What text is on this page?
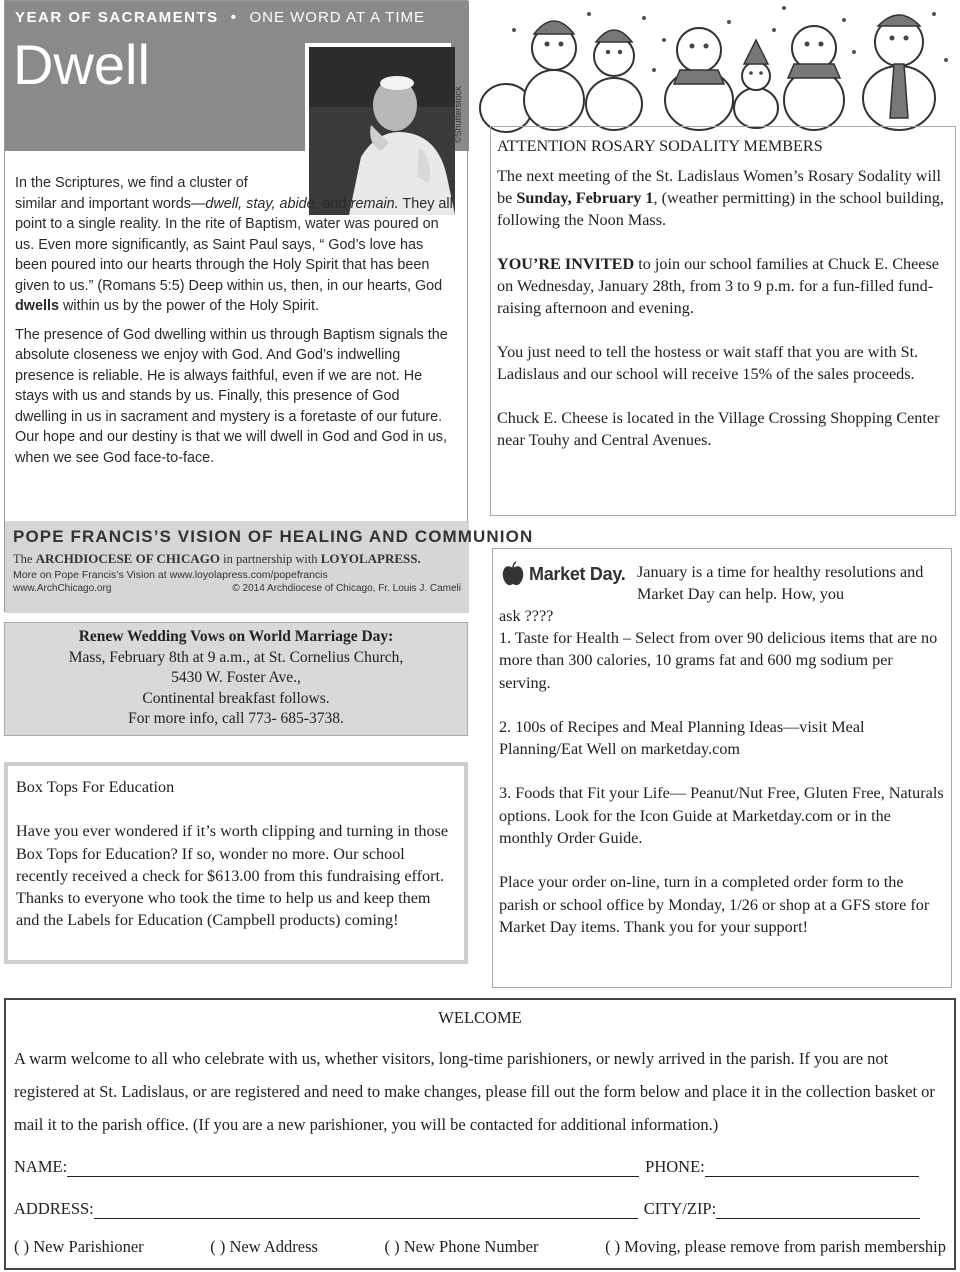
YEAR OF SACRAMENTS • ONE WORD AT A TIME
Dwell
©Shutterstock

In the Scriptures, we find a cluster of
similar and important words—dwell, stay, abide, and remain. They all point to a single reality. In the rite of Baptism, water was poured on us. Even more significantly, as Saint Paul says, “ God’s love has been poured into our hearts through the Holy Spirit that has been given to us.” (Romans 5:5) Deep within us, then, in our hearts, God dwells within us by the power of the Holy Spirit.

The presence of God dwelling within us through Baptism signals the absolute closeness we enjoy with God. And God’s indwelling presence is reliable. He is always faithful, even if we are not. He stays with us and stands by us. Finally, this presence of God dwelling in us in sacrament and mystery is a foretaste of our future. Our hope and our destiny is that we will dwell in God and God in us, when we see God face-to-face.

POPE FRANCIS’S VISION OF HEALING AND COMMUNION
The ARCHDIOCESE OF CHICAGO in partnership with LOYOLAPRESS.
More on Pope Francis’s Vision at www.loyolapress.com/popefrancis
www.ArchChicago.org	© 2014 Archdiocese of Chicago, Fr. Louis J. Cameli
ATTENTION ROSARY SODALITY MEMBERS

The next meeting of the St. Ladislaus Women’s Rosary Sodality will be Sunday, February 1, (weather permitting) in the school building, following the Noon Mass.

YOU’RE INVITED to join our school families at Chuck E. Cheese on Wednesday, January 28th, from 3 to 9 p.m. for a fun-filled fund-raising afternoon and evening.

You just need to tell the hostess or wait staff that you are with St. Ladislaus and our school will receive 15% of the sales proceeds.

Chuck E. Cheese is located in the Village Crossing Shopping Center near Touhy and Central Avenues.

Renew Wedding Vows on World Marriage Day:
Mass, February 8th at 9 a.m., at St. Cornelius Church,
5430 W. Foster Ave.,
Continental breakfast follows.
For more info, call 773- 685-3738.
Box Tops For Education
Have you ever wondered if it’s worth clipping and turning in those Box Tops for Education? If so, wonder no more. Our school recently received a check for $613.00 from this fundraising effort. Thanks to everyone who took the time to help us and keep them and the Labels for Education (Campbell products) coming!
Market Day. January is a time for healthy resolutions and Market Day can help. How, you
ask ????

1. Taste for Health – Select from over 90 delicious items that are no more than 300 calories, 10 grams fat and 600 mg sodium per serving.

2. 100s of Recipes and Meal Planning Ideas—visit Meal Planning/Eat Well on marketday.com

3. Foods that Fit your Life— Peanut/Nut Free, Gluten Free, Naturals options. Look for the Icon Guide at Marketday.com or in the monthly Order Guide.

Place your order on-line, turn in a completed order form to the parish or school office by Monday, 1/26 or shop at a GFS store for Market Day items. Thank you for your support!

WELCOME
A warm welcome to all who celebrate with us, whether visitors, long-time parishioners, or newly arrived in the parish. If you are not registered at St. Ladislaus, or are registered and need to make changes, please fill out the form below and place it in the collection basket or mail it to the parish office. (If you are a new parishioner, you will be contacted for additional information.)
NAME:	PHONE:
ADDRESS:	CITY/ZIP:
( ) New Parishioner	( ) New Address	( ) New Phone Number	( ) Moving, please remove from parish membership
